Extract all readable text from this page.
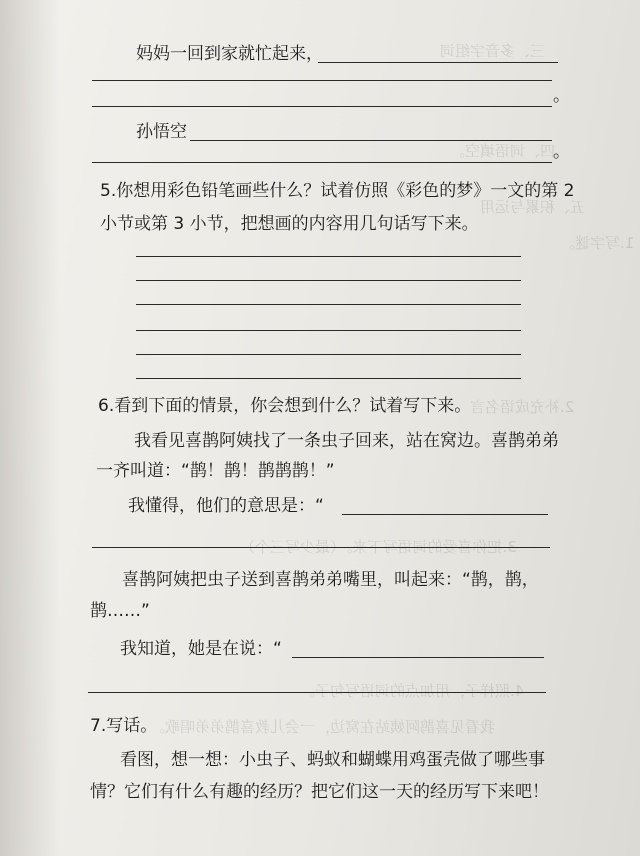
三、多音字组词
四、词语填空。
五、积累与运用
1.写字谜。
2.补充成语名言
3.把你喜爱的词语写下来。（最少写三个）
4.照样子，用加点的词语写句子。
我看见喜鹊阿姨站在窝边，一会儿教喜鹊弟弟唱歌。
妈妈一回到家就忙起来，
。
孙悟空
。
5.你想用彩色铅笔画些什么？试着仿照《彩色的梦》一文的第 2
小节或第 3 小节，把想画的内容用几句话写下来。
6.看到下面的情景，你会想到什么？试着写下来。
我看见喜鹊阿姨找了一条虫子回来，站在窝边。喜鹊弟弟
一齐叫道：“鹊！鹊！鹊鹊鹊！”
我懂得，他们的意思是：“
喜鹊阿姨把虫子送到喜鹊弟弟嘴里，叫起来：“鹊，鹊，
鹊……”
我知道，她是在说：“
7.写话。
看图，想一想：小虫子、蚂蚁和蝴蝶用鸡蛋壳做了哪些事
情？它们有什么有趣的经历？把它们这一天的经历写下来吧！
